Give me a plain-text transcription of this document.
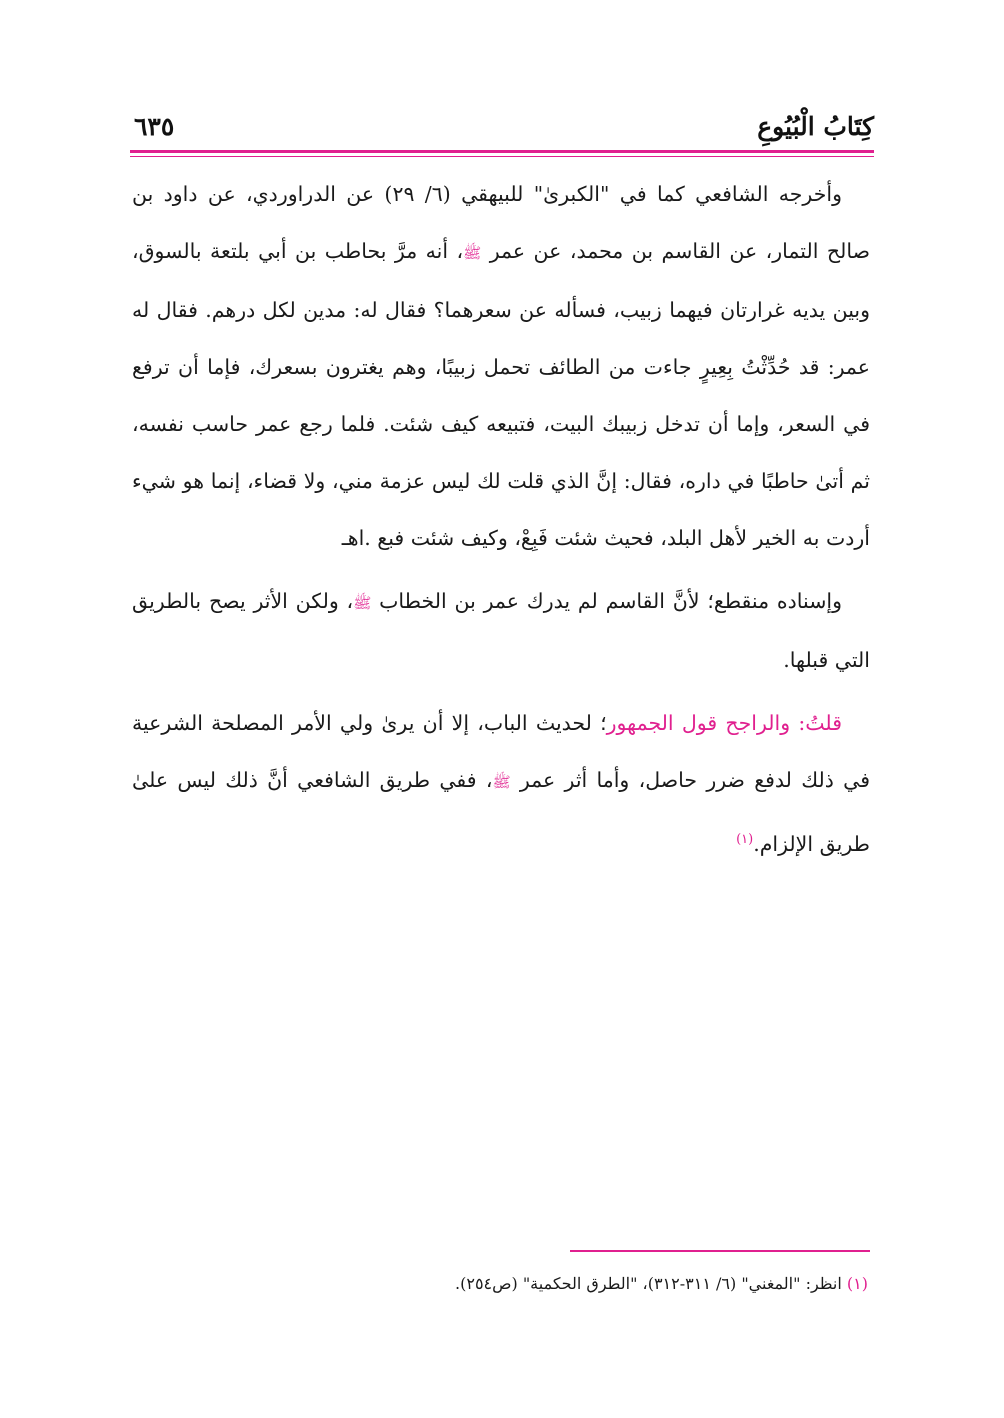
كِتَابُ الْبُيُوعِ
٦٣٥

وأخرجه الشافعي كما في "الكبرىٰ" للبيهقي (٦/ ٢٩) عن الدراوردي، عن داود بن صالح التمار، عن القاسم بن محمد، عن عمر ﷺ، أنه مرَّ بحاطب بن أبي بلتعة بالسوق، وبين يديه غرارتان فيهما زبيب، فسأله عن سعرهما؟ فقال له: مدين لكل درهم. فقال له عمر: قد حُدِّثْتُ بِعِيرٍ جاءت من الطائف تحمل زبيبًا، وهم يغترون بسعرك، فإما أن ترفع في السعر، وإما أن تدخل زبيبك البيت، فتبيعه كيف شئت. فلما رجع عمر حاسب نفسه، ثم أتىٰ حاطبًا في داره، فقال: إنَّ الذي قلت لك ليس عزمة مني، ولا قضاء، إنما هو شيء أردت به الخير لأهل البلد، فحيث شئت فَبِعْ، وكيف شئت فبع .اهـ

وإسناده منقطع؛ لأنَّ القاسم لم يدرك عمر بن الخطاب ﷺ، ولكن الأثر يصح بالطريق التي قبلها.

قلتُ: والراجح قول الجمهور؛ لحديث الباب، إلا أن يرىٰ ولي الأمر المصلحة الشرعية في ذلك لدفع ضرر حاصل، وأما أثر عمر ﷺ، ففي طريق الشافعي أنَّ ذلك ليس علىٰ طريق الإلزام.$^{(١)}$

(١) انظر: "المغني" (٦/ ٣١١-٣١٢)، "الطرق الحكمية" (ص٢٥٤).
